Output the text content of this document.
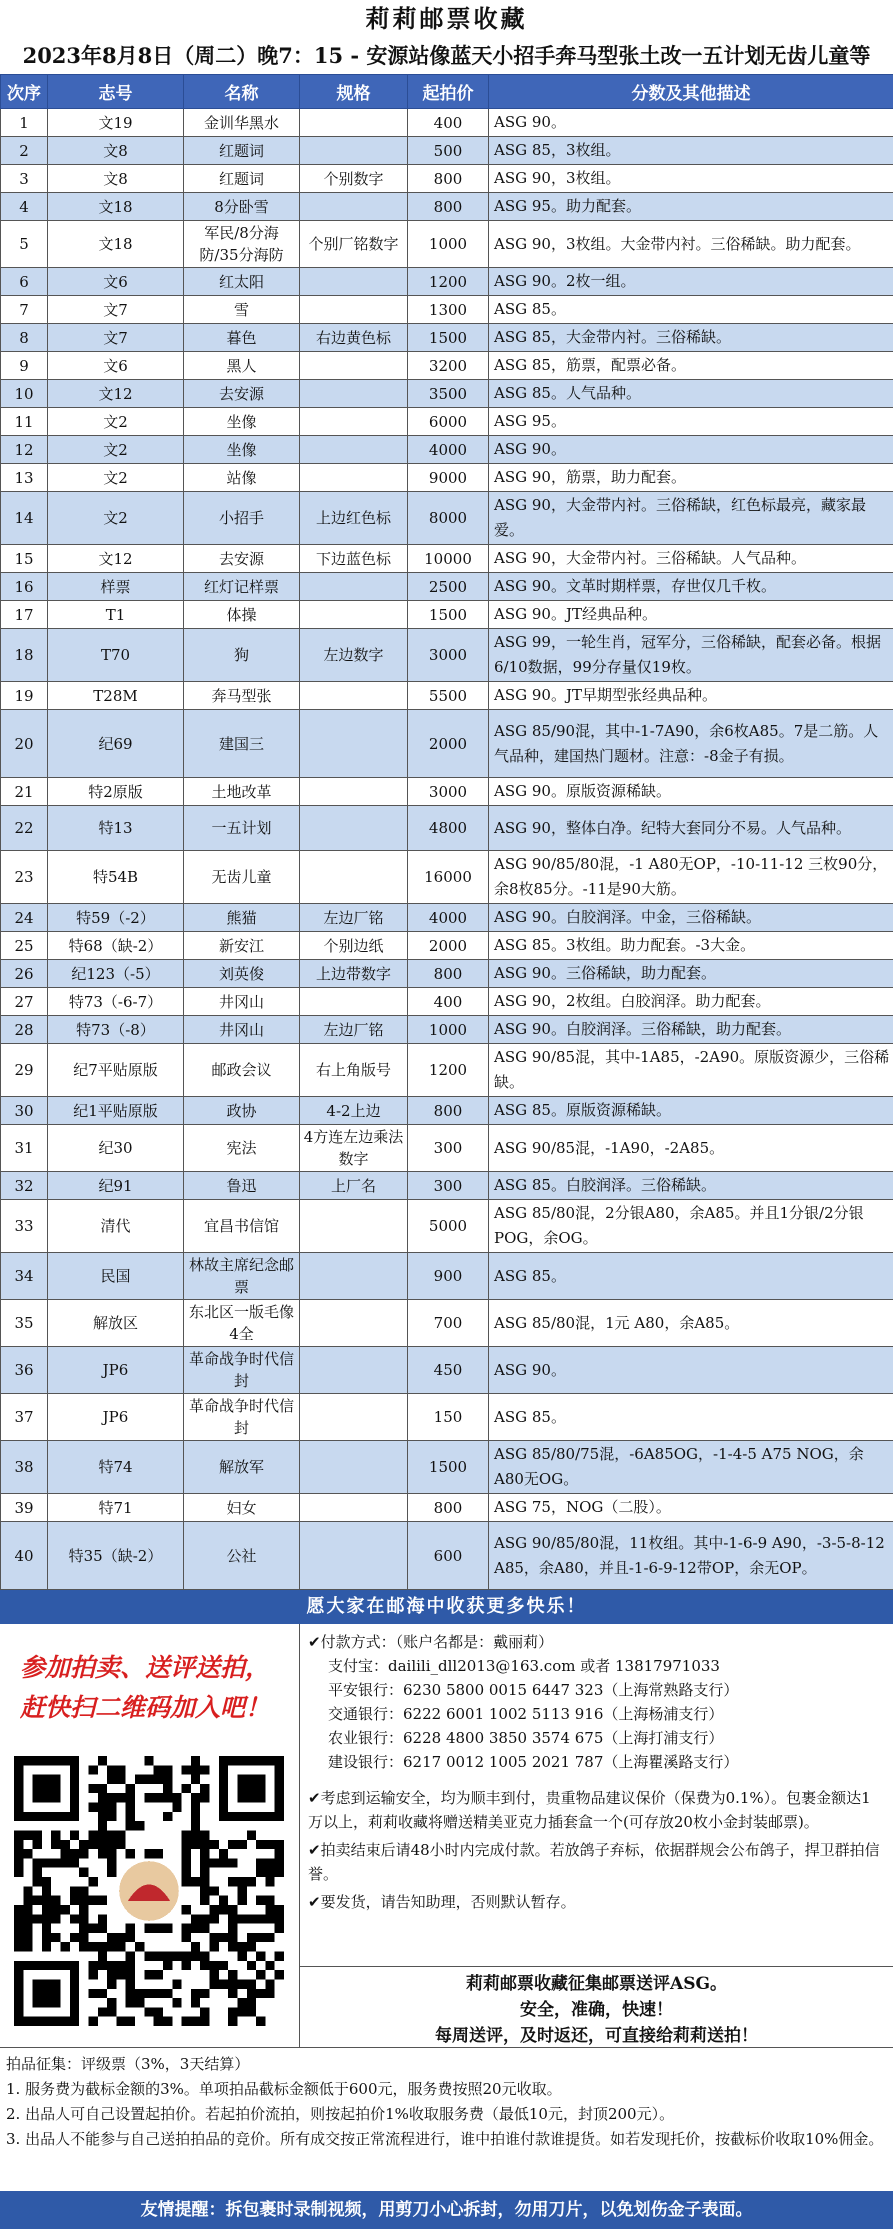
莉莉邮票收藏
2023年8月8日（周二）晚7：15 - 安源站像蓝天小招手奔马型张土改一五计划无齿儿童等
次序	志号	名称	规格	起拍价	分数及其他描述
1	文19	金训华黑水		400	ASG 90。
2	文8	红题词		500	ASG 85，3枚组。
3	文8	红题词	个别数字	800	ASG 90，3枚组。
4	文18	8分卧雪		800	ASG 95。助力配套。
5	文18	军民/8分海防/35分海防	个别厂铭数字	1000	ASG 90，3枚组。大金带内衬。三俗稀缺。助力配套。
6	文6	红太阳		1200	ASG 90。2枚一组。
7	文7	雪		1300	ASG 85。
8	文7	暮色	右边黄色标	1500	ASG 85，大金带内衬。三俗稀缺。
9	文6	黑人		3200	ASG 85，筋票，配票必备。
10	文12	去安源		3500	ASG 85。人气品种。
11	文2	坐像		6000	ASG 95。
12	文2	坐像		4000	ASG 90。
13	文2	站像		9000	ASG 90，筋票，助力配套。
14	文2	小招手	上边红色标	8000	ASG 90，大金带内衬。三俗稀缺，红色标最亮，藏家最爱。
15	文12	去安源	下边蓝色标	10000	ASG 90，大金带内衬。三俗稀缺。人气品种。
16	样票	红灯记样票		2500	ASG 90。文革时期样票，存世仅几千枚。
17	T1	体操		1500	ASG 90。JT经典品种。
18	T70	狗	左边数字	3000	ASG 99，一轮生肖，冠军分，三俗稀缺，配套必备。根据6/10数据，99分存量仅19枚。
19	T28M	奔马型张		5500	ASG 90。JT早期型张经典品种。
20	纪69	建国三		2000	ASG 85/90混，其中-1-7A90，余6枚A85。7是二筋。人气品种，建国热门题材。注意：-8金子有损。
21	特2原版	土地改革		3000	ASG 90。原版资源稀缺。
22	特13	一五计划		4800	ASG 90，整体白净。纪特大套同分不易。人气品种。
23	特54B	无齿儿童		16000	ASG 90/85/80混，-1 A80无OP，-10-11-12 三枚90分，余8枚85分。-11是90大筋。
24	特59（-2）	熊猫	左边厂铭	4000	ASG 90。白胶润泽。中金，三俗稀缺。
25	特68（缺-2）	新安江	个别边纸	2000	ASG 85。3枚组。助力配套。-3大金。
26	纪123（-5）	刘英俊	上边带数字	800	ASG 90。三俗稀缺，助力配套。
27	特73（-6-7）	井冈山		400	ASG 90，2枚组。白胶润泽。助力配套。
28	特73（-8）	井冈山	左边厂铭	1000	ASG 90。白胶润泽。三俗稀缺，助力配套。
29	纪7平贴原版	邮政会议	右上角版号	1200	ASG 90/85混，其中-1A85，-2A90。原版资源少，三俗稀缺。
30	纪1平贴原版	政协	4-2上边	800	ASG 85。原版资源稀缺。
31	纪30	宪法	4方连左边乘法数字	300	ASG 90/85混，-1A90，-2A85。
32	纪91	鲁迅	上厂名	300	ASG 85。白胶润泽。三俗稀缺。
33	清代	宜昌书信馆		5000	ASG 85/80混，2分银A80，余A85。并且1分银/2分银POG，余OG。
34	民国	林故主席纪念邮票		900	ASG 85。
35	解放区	东北区一版毛像4全		700	ASG 85/80混，1元 A80，余A85。
36	JP6	革命战争时代信封		450	ASG 90。
37	JP6	革命战争时代信封		150	ASG 85。
38	特74	解放军		1500	ASG 85/80/75混，-6A85OG，-1-4-5 A75 NOG，余A80无OG。
39	特71	妇女		800	ASG 75，NOG（二股）。
40	特35（缺-2）	公社		600	ASG 90/85/80混，11枚组。其中-1-6-9 A90，-3-5-8-12 A85，余A80，并且-1-6-9-12带OP，余无OP。
愿大家在邮海中收获更多快乐！
参加拍卖、送评送拍，
赶快扫二维码加入吧！
✔付款方式：（账户名都是：戴丽莉）
支付宝：dailili_dll2013@163.com 或者 13817971033
平安银行：6230 5800 0015 6447 323（上海常熟路支行）
交通银行：6222 6001 1002 5113 916（上海杨浦支行）
农业银行：6228 4800 3850 3574 675（上海打浦支行）
建设银行：6217 0012 1005 2021 787（上海瞿溪路支行）
✔考虑到运输安全，均为顺丰到付，贵重物品建议保价（保费为0.1%）。包裹金额达1万以上，莉莉收藏将赠送精美亚克力插套盒一个(可存放20枚小金封装邮票)。
✔拍卖结束后请48小时内完成付款。若放鸽子弃标，依据群规会公布鸽子，捍卫群拍信誉。
✔要发货，请告知助理，否则默认暂存。
莉莉邮票收藏征集邮票送评ASG。
安全，准确，快速！
每周送评，及时返还，可直接给莉莉送拍！
拍品征集：评级票（3%，3天结算）
1. 服务费为截标金额的3%。单项拍品截标金额低于600元，服务费按照20元收取。
2. 出品人可自己设置起拍价。若起拍价流拍，则按起拍价1%收取服务费（最低10元，封顶200元）。
3. 出品人不能参与自己送拍拍品的竞价。所有成交按正常流程进行，谁中拍谁付款谁提货。如若发现托价，按截标价收取10%佣金。
友情提醒：拆包裹时录制视频，用剪刀小心拆封，勿用刀片，以免划伤金子表面。
